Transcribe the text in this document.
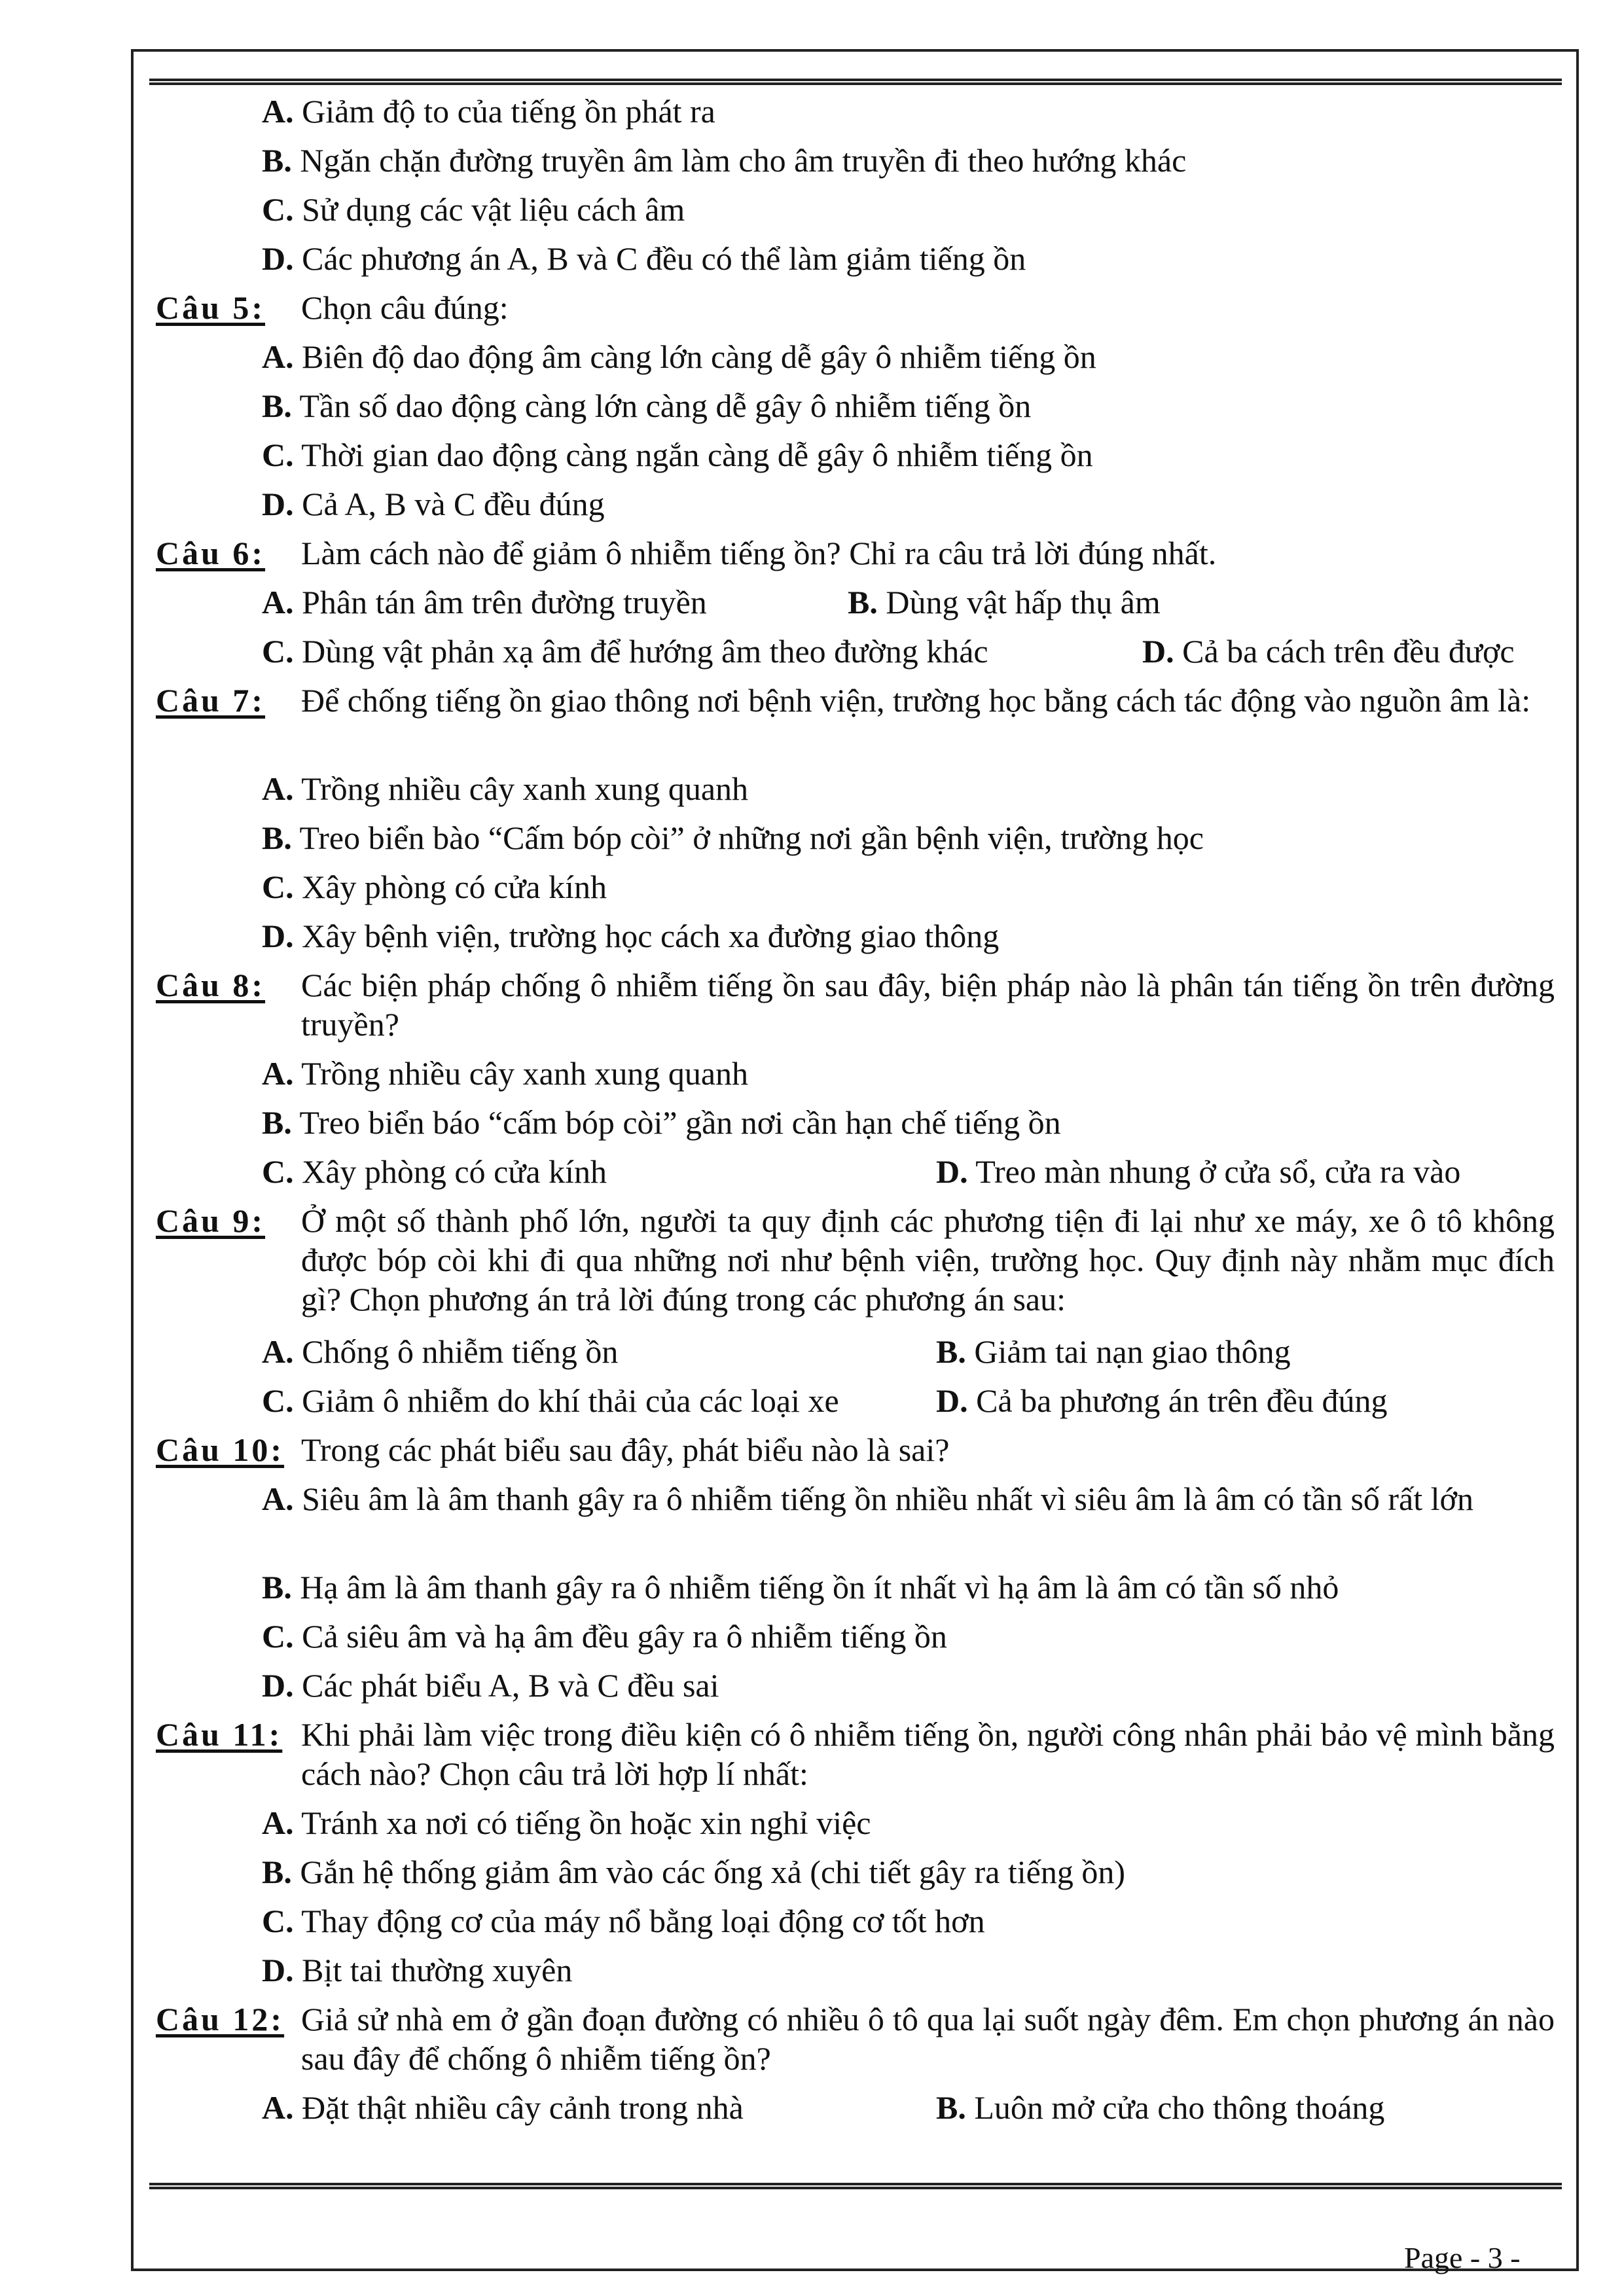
A. Giảm độ to của tiếng ồn phát ra
B. Ngăn chặn đường truyền âm làm cho âm truyền đi theo hướng khác
C. Sử dụng các vật liệu cách âm
D. Các phương án A, B và C đều có thể làm giảm tiếng ồn
Câu 5: Chọn câu đúng:
A. Biên độ dao động âm càng lớn càng dễ gây ô nhiễm tiếng ồn
B. Tần số dao động càng lớn càng dễ gây ô nhiễm tiếng ồn
C. Thời gian dao động càng ngắn càng dễ gây ô nhiễm tiếng ồn
D. Cả A, B và C đều đúng
Câu 6: Làm cách nào để giảm ô nhiễm tiếng ồn? Chỉ ra câu trả lời đúng nhất.
A. Phân tán âm trên đường truyền	B. Dùng vật hấp thụ âm
C. Dùng vật phản xạ âm để hướng âm theo đường khác	D. Cả ba cách trên đều được
Câu 7: Để chống tiếng ồn giao thông nơi bệnh viện, trường học bằng cách tác động vào nguồn âm là:
A. Trồng nhiều cây xanh xung quanh
B. Treo biển bào “Cấm bóp còi” ở những nơi gần bệnh viện, trường học
C. Xây phòng có cửa kính
D. Xây bệnh viện, trường học cách xa đường giao thông
Câu 8: Các biện pháp chống ô nhiễm tiếng ồn sau đây, biện pháp nào là phân tán tiếng ồn trên đường truyền?
A. Trồng nhiều cây xanh xung quanh
B. Treo biển báo “cấm bóp còi” gần nơi cần hạn chế tiếng ồn
C. Xây phòng có cửa kính	D. Treo màn nhung ở cửa sổ, cửa ra vào
Câu 9: Ở một số thành phố lớn, người ta quy định các phương tiện đi lại như xe máy, xe ô tô không được bóp còi khi đi qua những nơi như bệnh viện, trường học. Quy định này nhằm mục đích gì? Chọn phương án trả lời đúng trong các phương án sau:
A. Chống ô nhiễm tiếng ồn	B. Giảm tai nạn giao thông
C. Giảm ô nhiễm do khí thải của các loại xe	D. Cả ba phương án trên đều đúng
Câu 10: Trong các phát biểu sau đây, phát biểu nào là sai?
A. Siêu âm là âm thanh gây ra ô nhiễm tiếng ồn nhiều nhất vì siêu âm là âm có tần số rất lớn
B. Hạ âm là âm thanh gây ra ô nhiễm tiếng ồn ít nhất vì hạ âm là âm có tần số nhỏ
C. Cả siêu âm và hạ âm đều gây ra ô nhiễm tiếng ồn
D. Các phát biểu A, B và C đều sai
Câu 11: Khi phải làm việc trong điều kiện có ô nhiễm tiếng ồn, người công nhân phải bảo vệ mình bằng cách nào? Chọn câu trả lời hợp lí nhất:
A. Tránh xa nơi có tiếng ồn hoặc xin nghỉ việc
B. Gắn hệ thống giảm âm vào các ống xả (chi tiết gây ra tiếng ồn)
C. Thay động cơ của máy nổ bằng loại động cơ tốt hơn
D. Bịt tai thường xuyên
Câu 12: Giả sử nhà em ở gần đoạn đường có nhiều ô tô qua lại suốt ngày đêm. Em chọn phương án nào sau đây để chống ô nhiễm tiếng ồn?
A. Đặt thật nhiều cây cảnh trong nhà	B. Luôn mở cửa cho thông thoáng
Page - 3 -
